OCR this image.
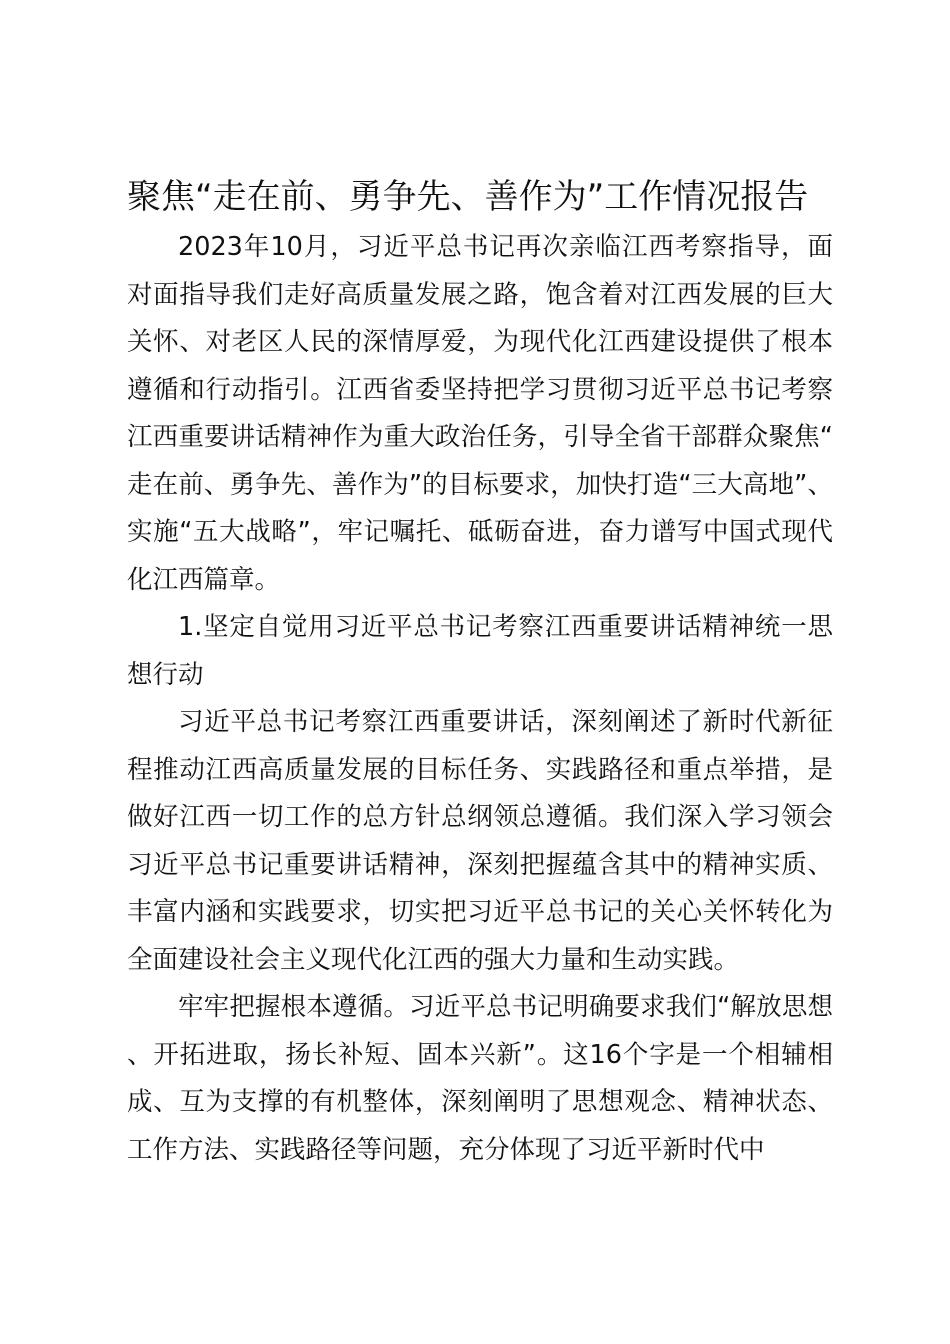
聚焦“走在前、勇争先、善作为”工作情况报告

2023年10月，习近平总书记再次亲临江西考察指导，面对面指导我们走好高质量发展之路，饱含着对江西发展的巨大关怀、对老区人民的深情厚爱，为现代化江西建设提供了根本遵循和行动指引。江西省委坚持把学习贯彻习近平总书记考察江西重要讲话精神作为重大政治任务，引导全省干部群众聚焦“走在前、勇争先、善作为”的目标要求，加快打造“三大高地”、实施“五大战略”，牢记嘱托、砥砺奋进，奋力谱写中国式现代化江西篇章。

1.坚定自觉用习近平总书记考察江西重要讲话精神统一思想行动

习近平总书记考察江西重要讲话，深刻阐述了新时代新征程推动江西高质量发展的目标任务、实践路径和重点举措，是做好江西一切工作的总方针总纲领总遵循。我们深入学习领会习近平总书记重要讲话精神，深刻把握蕴含其中的精神实质、丰富内涵和实践要求，切实把习近平总书记的关心关怀转化为全面建设社会主义现代化江西的强大力量和生动实践。

牢牢把握根本遵循。习近平总书记明确要求我们“解放思想、开拓进取，扬长补短、固本兴新”。这16个字是一个相辅相成、互为支撑的有机整体，深刻阐明了思想观念、精神状态、工作方法、实践路径等问题，充分体现了习近平新时代中
